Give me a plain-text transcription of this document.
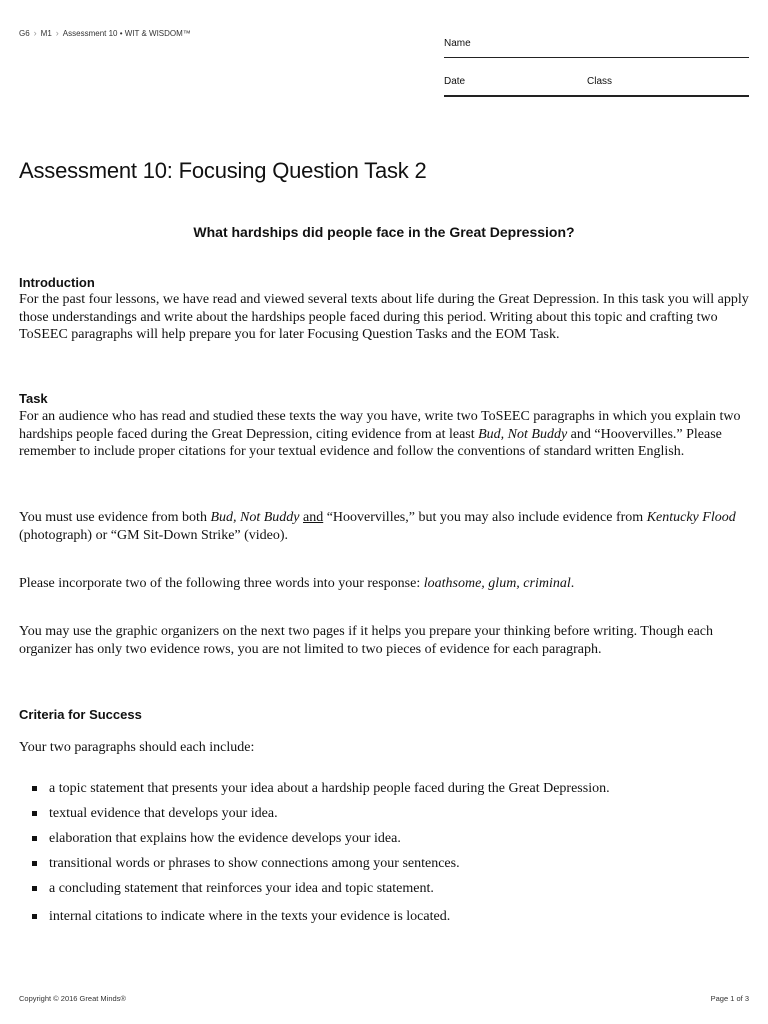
G6 › M1 › Assessment 10 • WIT & WISDOM™
Name
Date	Class
Assessment 10: Focusing Question Task 2
What hardships did people face in the Great Depression?
Introduction

For the past four lessons, we have read and viewed several texts about life during the Great Depression. In this task you will apply those understandings and write about the hardships people faced during this period. Writing about this topic and crafting two ToSEEC paragraphs will help prepare you for later Focusing Question Tasks and the EOM Task.

Task

For an audience who has read and studied these texts the way you have, write two ToSEEC paragraphs in which you explain two hardships people faced during the Great Depression, citing evidence from at least Bud, Not Buddy and “Hoovervilles.” Please remember to include proper citations for your textual evidence and follow the conventions of standard written English.

You must use evidence from both Bud, Not Buddy and “Hoovervilles,” but you may also include evidence from Kentucky Flood (photograph) or “GM Sit-Down Strike” (video).

Please incorporate two of the following three words into your response: loathsome, glum, criminal.

You may use the graphic organizers on the next two pages if it helps you prepare your thinking before writing. Though each organizer has only two evidence rows, you are not limited to two pieces of evidence for each paragraph.

Criteria for Success

Your two paragraphs should each include:

a topic statement that presents your idea about a hardship people faced during the Great Depression.
textual evidence that develops your idea.
elaboration that explains how the evidence develops your idea.
transitional words or phrases to show connections among your sentences.
a concluding statement that reinforces your idea and topic statement.
internal citations to indicate where in the texts your evidence is located.
Copyright © 2016 Great Minds®	Page 1 of 3
